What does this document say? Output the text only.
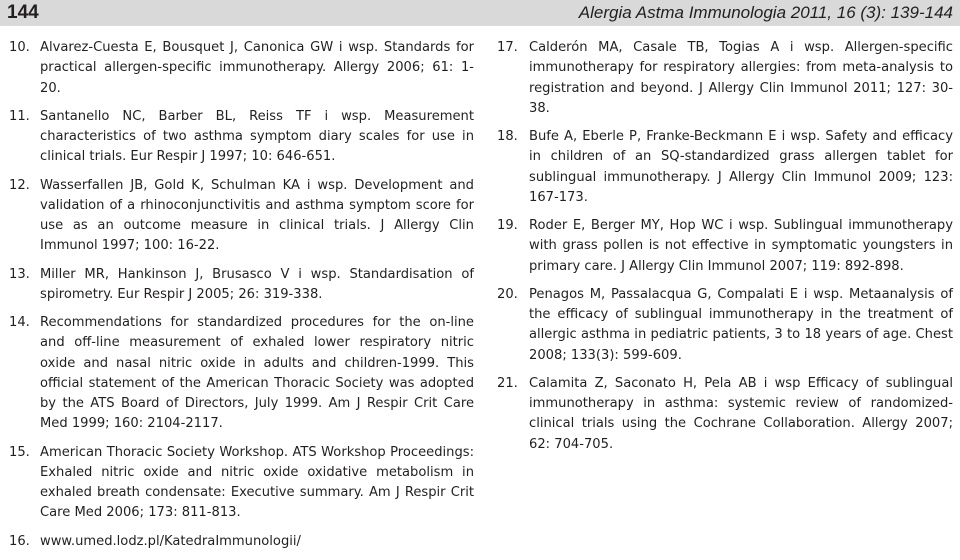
144	Alergia Astma Immunologia 2011, 16 (3): 139-144
10. Alvarez-Cuesta E, Bousquet J, Canonica GW i wsp. Standards for practical allergen-specific immunotherapy. Allergy 2006; 61: 1-20.
11. Santanello NC, Barber BL, Reiss TF i wsp. Measurement characteristics of two asthma symptom diary scales for use in clinical trials. Eur Respir J 1997; 10: 646-651.
12. Wasserfallen JB, Gold K, Schulman KA i wsp. Development and validation of a rhinoconjunctivitis and asthma symptom score for use as an outcome measure in clinical trials. J Allergy Clin Immunol 1997; 100: 16-22.
13. Miller MR, Hankinson J, Brusasco V i wsp. Standardisation of spirometry. Eur Respir J 2005; 26: 319-338.
14. Recommendations for standardized procedures for the on-line and off-line measurement of exhaled lower respiratory nitric oxide and nasal nitric oxide in adults and children-1999. This official statement of the American Thoracic Society was adopted by the ATS Board of Directors, July 1999. Am J Respir Crit Care Med 1999; 160: 2104-2117.
15. American Thoracic Society Workshop. ATS Workshop Proceedings: Exhaled nitric oxide and nitric oxide oxidative metabolism in exhaled breath condensate: Executive summary. Am J Respir Crit Care Med 2006; 173: 811-813.
16. www.umed.lodz.pl/KatedraImmunologii/
17. Calderón MA, Casale TB, Togias A i wsp. Allergen-specific immunotherapy for respiratory allergies: from meta-analysis to registration and beyond. J Allergy Clin Immunol 2011; 127: 30-38.
18. Bufe A, Eberle P, Franke-Beckmann E i wsp. Safety and efficacy in children of an SQ-standardized grass allergen tablet for sublingual immunotherapy. J Allergy Clin Immunol 2009; 123: 167-173.
19. Roder E, Berger MY, Hop WC i wsp. Sublingual immunotherapy with grass pollen is not effective in symptomatic youngsters in primary care. J Allergy Clin Immunol 2007; 119: 892-898.
20. Penagos M, Passalacqua G, Compalati E i wsp. Metaanalysis of the efficacy of sublingual immunotherapy in the treatment of allergic asthma in pediatric patients, 3 to 18 years of age. Chest 2008; 133(3): 599-609.
21. Calamita Z, Saconato H, Pela AB i wsp Efficacy of sublingual immunotherapy in asthma: systemic review of randomized-clinical trials using the Cochrane Collaboration. Allergy 2007; 62: 704-705.
